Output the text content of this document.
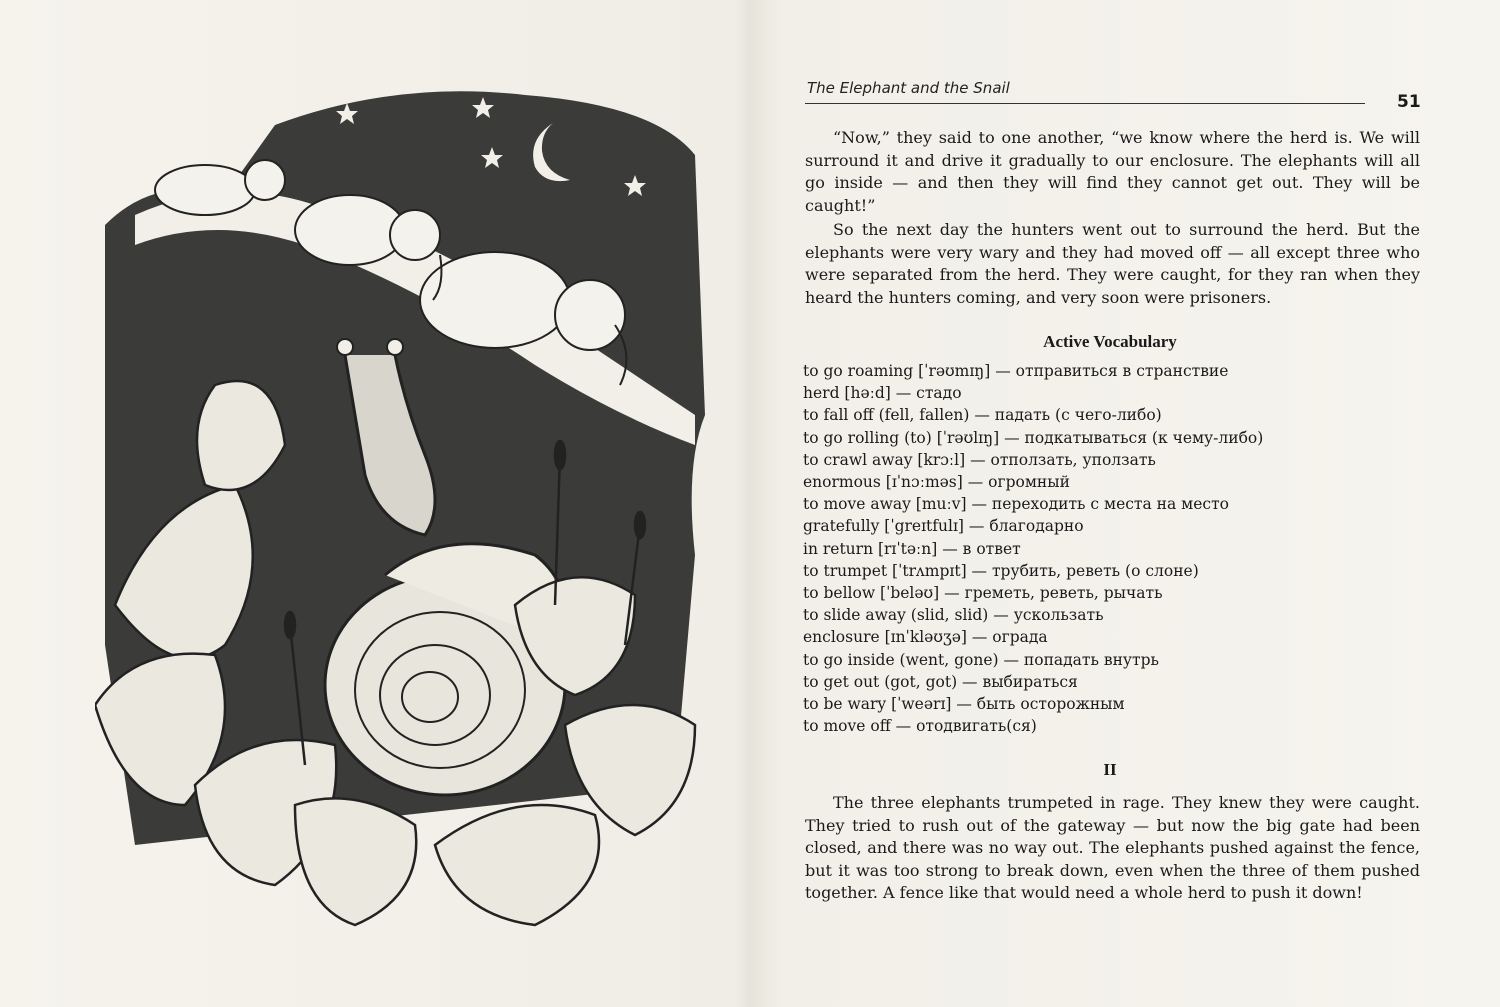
The Elephant and the Snail
51

“Now,” they said to one another, “we know where the herd is. We will surround it and drive it gradually to our enclosure. The elephants will all go inside — and then they will find they cannot get out. They will be caught!”

So the next day the hunters went out to surround the herd. But the elephants were very wary and they had moved off — all except three who were separated from the herd. They were caught, for they ran when they heard the hunters coming, and very soon were prisoners.

Active Vocabulary
to go roaming [ˈrəʊmɪŋ] — отправиться в странствие
herd [həːd] — стадо
to fall off (fell, fallen) — падать (с чего-либо)
to go rolling (to) [ˈrəʊlɪŋ] — подкатываться (к чему-либо)
to crawl away [krɔːl] — отползать, уползать
enormous [ɪˈnɔːməs] — огромный
to move away [muːv] — переходить с места на место
gratefully [ˈgreɪtfulɪ] — благодарно
in return [rɪˈtəːn] — в ответ
to trumpet [ˈtrʌmpɪt] — трубить, реветь (о слоне)
to bellow [ˈbeləʊ] — греметь, реветь, рычать
to slide away (slid, slid) — ускользать
enclosure [ɪnˈkləʊʒə] — ограда
to go inside (went, gone) — попадать внутрь
to get out (got, got) — выбираться
to be wary [ˈweərɪ] — быть осторожным
to move off — отодвигать(ся)
II

The three elephants trumpeted in rage. They knew they were caught. They tried to rush out of the gateway — but now the big gate had been closed, and there was no way out. The elephants pushed against the fence, but it was too strong to break down, even when the three of them pushed together. A fence like that would need a whole herd to push it down!
